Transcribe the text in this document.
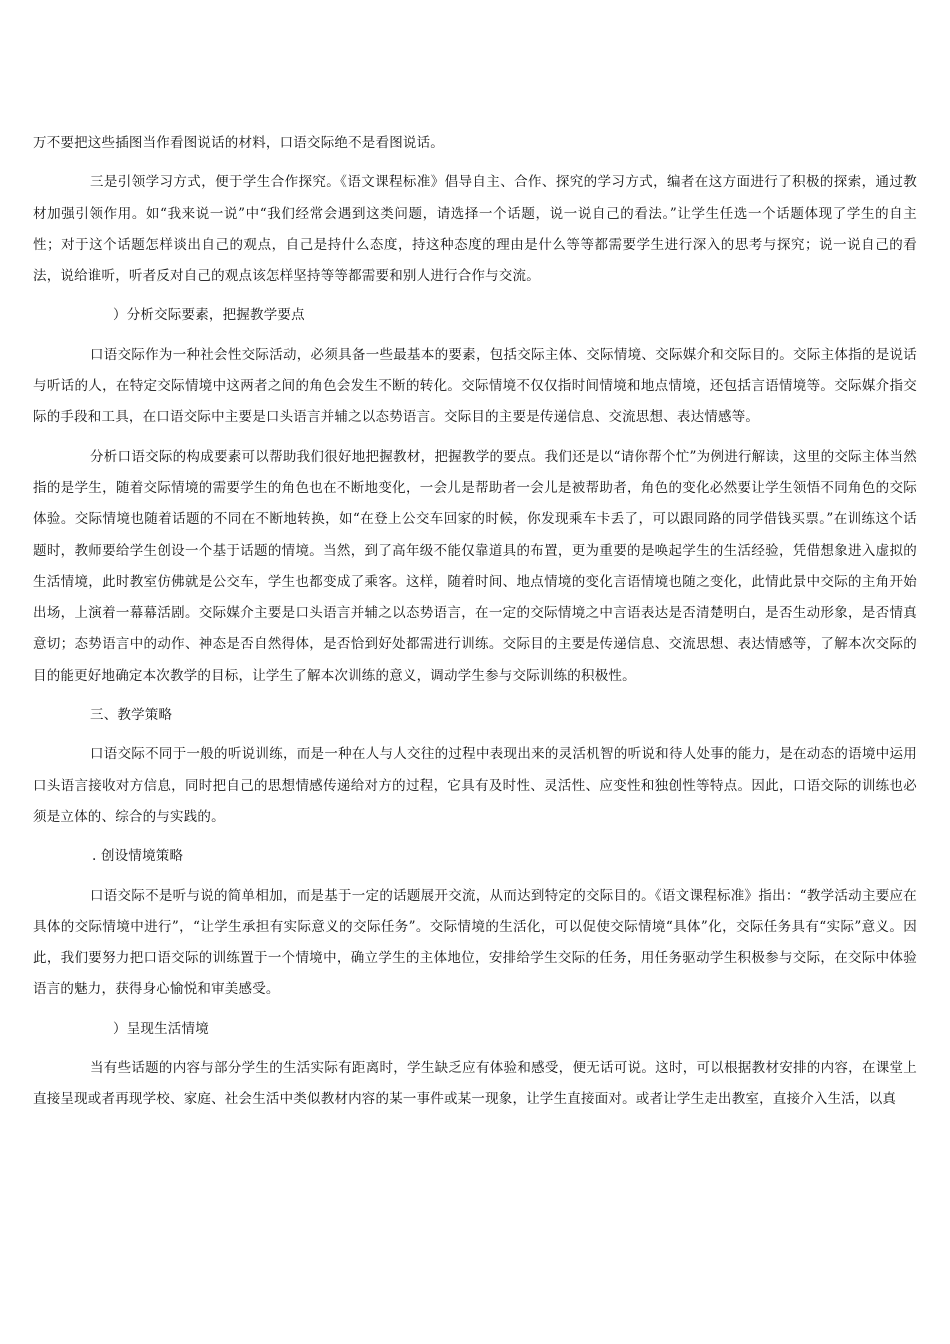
万不要把这些插图当作看图说话的材料，口语交际绝不是看图说话。

三是引领学习方式，便于学生合作探究。《语文课程标准》倡导自主、合作、探究的学习方式，编者在这方面进行了积极的探索，通过教材加强引领作用。如“我来说一说”中“我们经常会遇到这类问题，请选择一个话题，说一说自己的看法。”让学生任选一个话题体现了学生的自主性；对于这个话题怎样谈出自己的观点，自己是持什么态度，持这种态度的理由是什么等等都需要学生进行深入的思考与探究；说一说自己的看法，说给谁听，听者反对自己的观点该怎样坚持等等都需要和别人进行合作与交流。

）分析交际要素，把握教学要点

口语交际作为一种社会性交际活动，必须具备一些最基本的要素，包括交际主体、交际情境、交际媒介和交际目的。交际主体指的是说话与听话的人，在特定交际情境中这两者之间的角色会发生不断的转化。交际情境不仅仅指时间情境和地点情境，还包括言语情境等。交际媒介指交际的手段和工具，在口语交际中主要是口头语言并辅之以态势语言。交际目的主要是传递信息、交流思想、表达情感等。

分析口语交际的构成要素可以帮助我们很好地把握教材，把握教学的要点。我们还是以“请你帮个忙”为例进行解读，这里的交际主体当然指的是学生，随着交际情境的需要学生的角色也在不断地变化，一会儿是帮助者一会儿是被帮助者，角色的变化必然要让学生领悟不同角色的交际体验。交际情境也随着话题的不同在不断地转换，如“在登上公交车回家的时候，你发现乘车卡丢了，可以跟同路的同学借钱买票。”在训练这个话题时，教师要给学生创设一个基于话题的情境。当然，到了高年级不能仅靠道具的布置，更为重要的是唤起学生的生活经验，凭借想象进入虚拟的生活情境，此时教室仿佛就是公交车，学生也都变成了乘客。这样，随着时间、地点情境的变化言语情境也随之变化，此情此景中交际的主角开始出场，上演着一幕幕活剧。交际媒介主要是口头语言并辅之以态势语言，在一定的交际情境之中言语表达是否清楚明白，是否生动形象，是否情真意切；态势语言中的动作、神态是否自然得体，是否恰到好处都需进行训练。交际目的主要是传递信息、交流思想、表达情感等，了解本次交际的目的能更好地确定本次教学的目标，让学生了解本次训练的意义，调动学生参与交际训练的积极性。

三、教学策略

口语交际不同于一般的听说训练，而是一种在人与人交往的过程中表现出来的灵活机智的听说和待人处事的能力，是在动态的语境中运用口头语言接收对方信息，同时把自己的思想情感传递给对方的过程，它具有及时性、灵活性、应变性和独创性等特点。因此，口语交际的训练也必须是立体的、综合的与实践的。

. 创设情境策略

口语交际不是听与说的简单相加，而是基于一定的话题展开交流，从而达到特定的交际目的。《语文课程标准》指出：“教学活动主要应在具体的交际情境中进行”，“让学生承担有实际意义的交际任务”。交际情境的生活化，可以促使交际情境“具体”化，交际任务具有“实际”意义。因此，我们要努力把口语交际的训练置于一个情境中，确立学生的主体地位，安排给学生交际的任务，用任务驱动学生积极参与交际，在交际中体验语言的魅力，获得身心愉悦和审美感受。

）呈现生活情境

当有些话题的内容与部分学生的生活实际有距离时，学生缺乏应有体验和感受，便无话可说。这时，可以根据教材安排的内容，在课堂上直接呈现或者再现学校、家庭、社会生活中类似教材内容的某一事件或某一现象，让学生直接面对。或者让学生走出教室，直接介入生活，以真
